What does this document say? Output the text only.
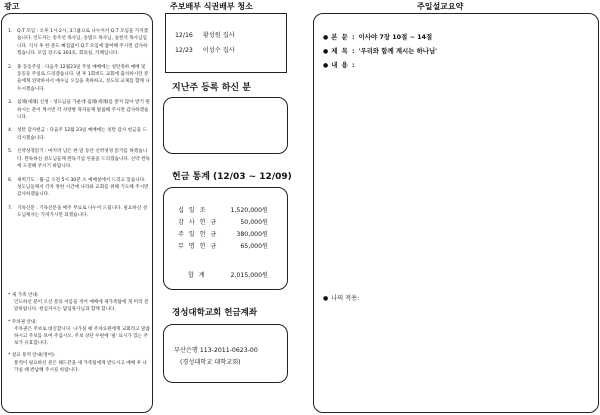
광고
1.	Q.T 모임 : 오후 1시-2시, 3그룹으로 나누어서 Q.T 모임을 가지겠습니다. 인도자는 송주선 목사님, 송범오 목사님, 실천석 목사님입니다. 식사 후 한 분도 빠짐없이 Q.T 모임에 참여해 주시면 감사하겠습니다. 모임 장소로 303호, 회의실, 카페입니다.
2.	홍 동동주일 : 다음주 12월23일 주일 예배에는 성탄축하 예배 및 동동동 주일로 드리겠습니다. 낸 후 1회비도 교회에 출석하시던 분들에게 연락하셔서 예수님 오심을 축하하고, 성도의 교제를 함께 나누시겠습니다.
3.	침례(세례) 신청 : 성도님들 가운데 침례(세례)를 받지 않아 받기 원하시는 분이 계시면 각 사랑방 목자들께 말씀해 주시면 감사하겠습니다.
4.	성탄 감사헌금 : 다음주 12월 23일 예배에는 성탄 감사 헌금을 드리시겠습니다.
5.	신약성경읽기 : 마지막 남은 한 달 동안 신약성경 읽기를 하겠습니다. 완독하신 성도님들께 완독기념 선물을 드리겠습니다. 신약 완독에 도전해 주시기 바랍니다.
6.	새벽기도 : 월-금 오전 5시 30분 소 예배실에서 드리고 있습니다. 성도님들께서 각자 정한 시간에 나라와 교회를 위해 기도해 주시면 감사하겠습니다.
7.	기독신문 : 기독신문을 매주 무료로 나누어 드립니다. 필요하신 성도님께서는 가져가시면 되겠습니다.
* 새 가족 안내:
인도하신 분이 오신 분의 이름을 적어 예배에 새가족탐에 게 미리 전달바랍니다. 헌심자시는 담임목사님과 함께 합니다.
* 주차권 안내:
주차권은 주보로 대신합니다. 나가실 때 주차요원에게 교회라고 말씀하시고 주보를 보여 주십시오. 주보 상단 우편에 '필' 표시가 있는 주보가 유효합니다.
* 설교 통역 안내(영어):
통역이 필요하신 분은 헤드폰을 새 가족팀에게 받으시고 예배 후 나가실 때 반납해 주시길 바랍니다.
주보배부 식권배부 청소
12/16 황성원 집사
12/23 이성수 집사
지난주 등록 하신 분
헌금 통계 (12/03 ~ 12/09)
십 일 조	1,520,000원
감 사 헌 금	50,000원
주 일 헌 금	380,000원
무 명 헌 금	65,000원
합 계	2,015,000원
경성대학교회 헌금계좌
부산은행 113-2011-0623-00
(경성대학교 대학교회)
주일설교요약
● 본 문 : 이사야 7장 10절 ~ 14절
● 제 목 : '우리와 함께 계시는 하나님'
● 내 용 :
● 나의 적용:
